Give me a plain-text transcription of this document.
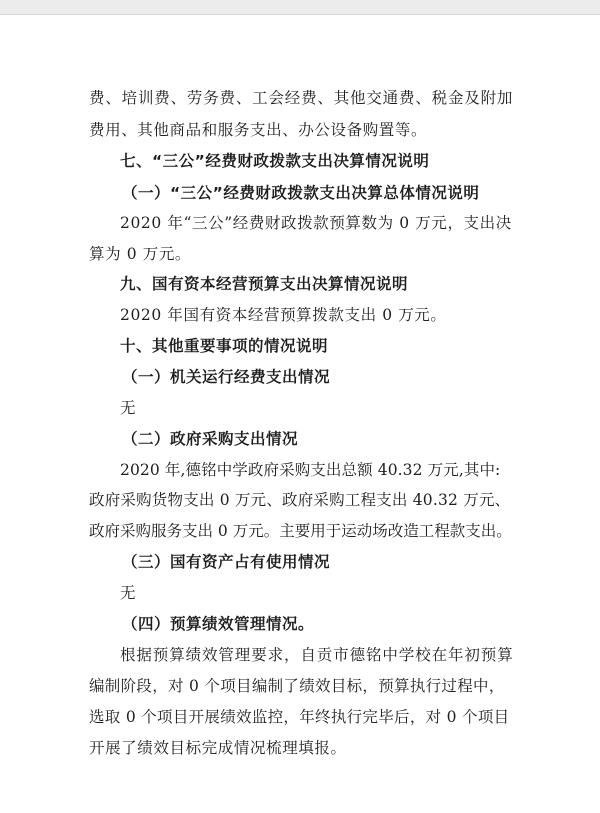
费、培训费、劳务费、工会经费、其他交通费、税金及附加
费用、其他商品和服务支出、办公设备购置等。
七、“三公”经费财政拨款支出决算情况说明
（一）“三公”经费财政拨款支出决算总体情况说明
2020 年“三公”经费财政拨款预算数为 0 万元，支出决
算为 0 万元。
九、国有资本经营预算支出决算情况说明
2020 年国有资本经营预算拨款支出 0 万元。
十、其他重要事项的情况说明
（一）机关运行经费支出情况
无
（二）政府采购支出情况
2020 年,德铭中学政府采购支出总额 40.32 万元,其中:
政府采购货物支出 0 万元、政府采购工程支出 40.32 万元、
政府采购服务支出 0 万元。主要用于运动场改造工程款支出。
（三）国有资产占有使用情况
无
（四）预算绩效管理情况。
根据预算绩效管理要求，自贡市德铭中学校在年初预算
编制阶段，对 0 个项目编制了绩效目标，预算执行过程中，
选取 0 个项目开展绩效监控，年终执行完毕后，对 0 个项目
开展了绩效目标完成情况梳理填报。
